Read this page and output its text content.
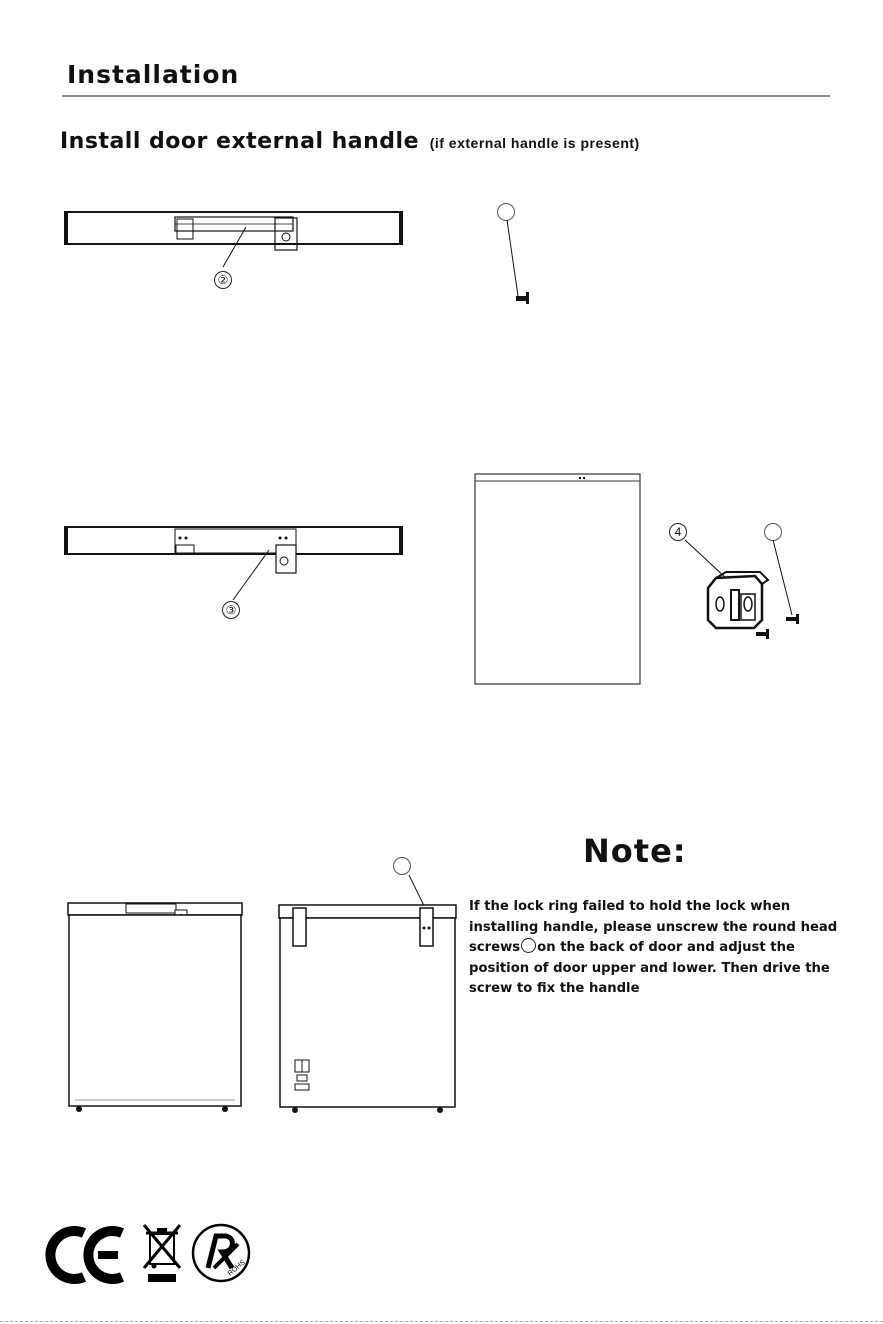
Installation
Install door external handle (if external handle is present)
②
③
4
Note:

If the lock ring failed to hold the lock when
installing handle, please unscrew the round head
screws on the back of door and adjust the
position of door upper and lower. Then drive the
screw to fix the handle

ROHS
